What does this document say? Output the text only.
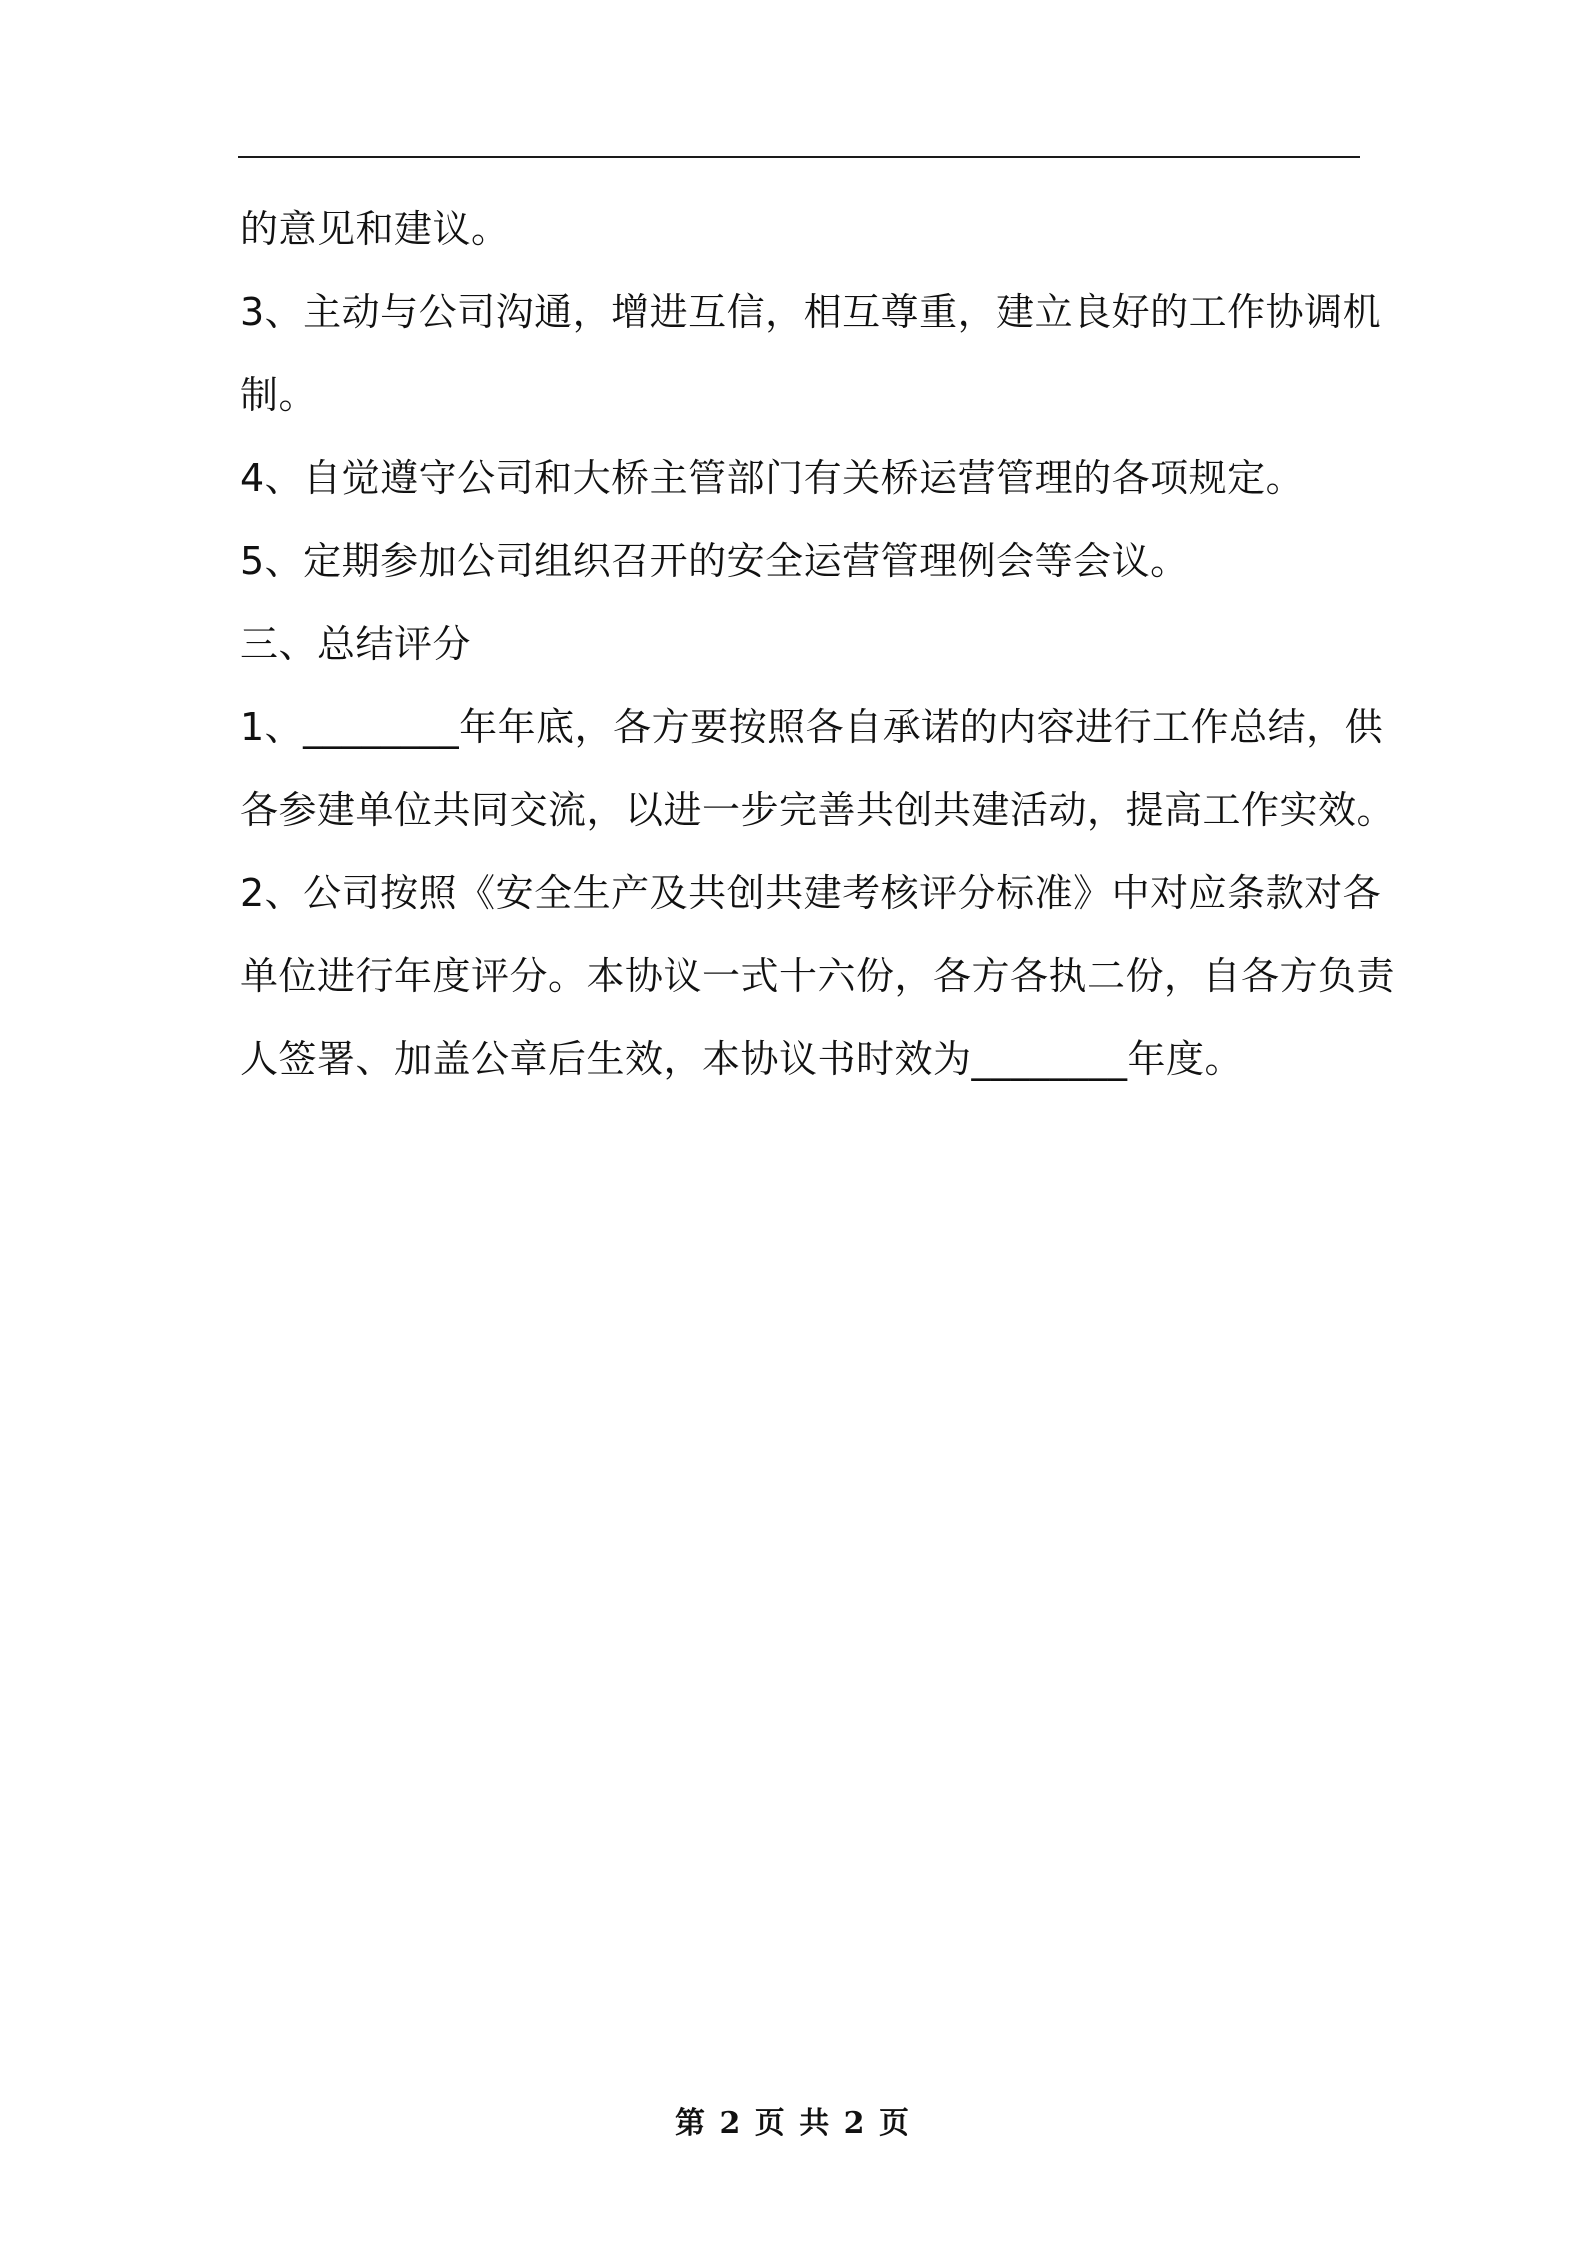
的意见和建议。
3、主动与公司沟通，增进互信，相互尊重，建立良好的工作协调机
制。
4、自觉遵守公司和大桥主管部门有关桥运营管理的各项规定。
5、定期参加公司组织召开的安全运营管理例会等会议。
三、总结评分
1、________年年底，各方要按照各自承诺的内容进行工作总结，供
各参建单位共同交流，以进一步完善共创共建活动，提高工作实效。
2、公司按照《安全生产及共创共建考核评分标准》中对应条款对各
单位进行年度评分。本协议一式十六份，各方各执二份，自各方负责
人签署、加盖公章后生效，本协议书时效为________年度。
第 2 页 共 2 页
